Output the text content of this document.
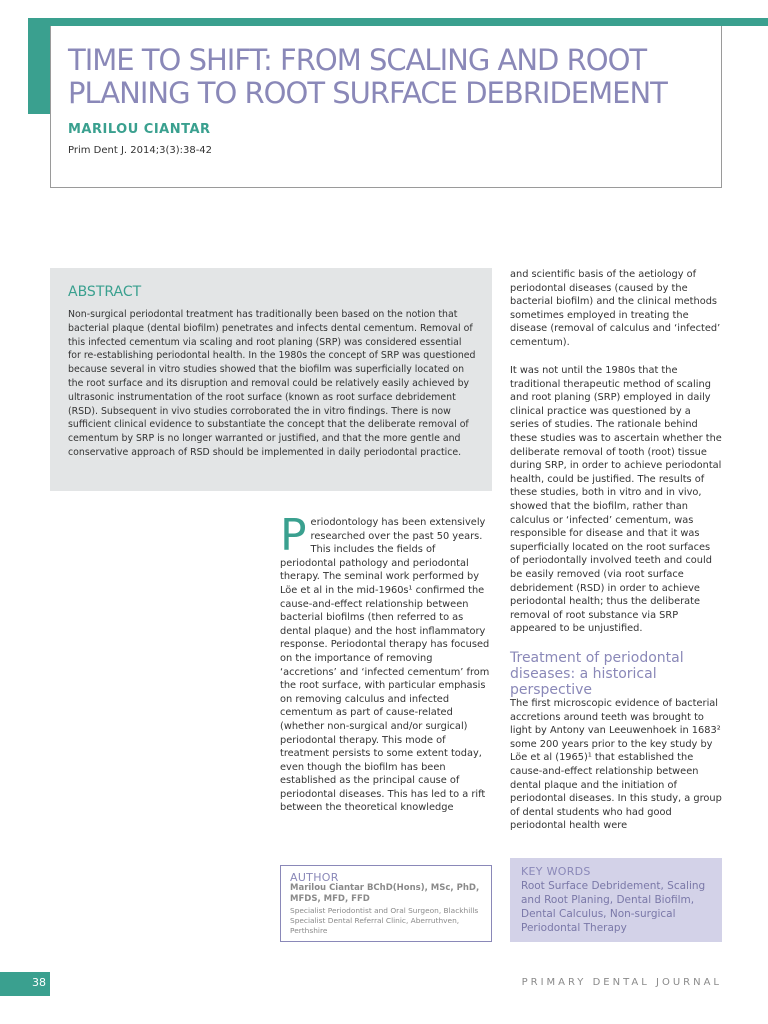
TIME TO SHIFT: FROM SCALING AND ROOT PLANING TO ROOT SURFACE DEBRIDEMENT
MARILOU CIANTAR
Prim Dent J. 2014;3(3):38-42
ABSTRACT

Non-surgical periodontal treatment has traditionally been based on the notion that bacterial plaque (dental biofilm) penetrates and infects dental cementum. Removal of this infected cementum via scaling and root planing (SRP) was considered essential for re-establishing periodontal health. In the 1980s the concept of SRP was questioned because several in vitro studies showed that the biofilm was superficially located on the root surface and its disruption and removal could be relatively easily achieved by ultrasonic instrumentation of the root surface (known as root surface debridement (RSD). Subsequent in vivo studies corroborated the in vitro findings. There is now sufficient clinical evidence to substantiate the concept that the deliberate removal of cementum by SRP is no longer warranted or justified, and that the more gentle and conservative approach of RSD should be implemented in daily periodontal practice.

Periodontology has been extensively researched over the past 50 years. This includes the fields of periodontal pathology and periodontal therapy. The seminal work performed by Löe et al in the mid-1960s¹ confirmed the cause-and-effect relationship between bacterial biofilms (then referred to as dental plaque) and the host inflammatory response. Periodontal therapy has focused on the importance of removing ‘accretions’ and ‘infected cementum’ from the root surface, with particular emphasis on removing calculus and infected cementum as part of cause-related (whether non-surgical and/or surgical) periodontal therapy. This mode of treatment persists to some extent today, even though the biofilm has been established as the principal cause of periodontal diseases. This has led to a rift between the theoretical knowledge

and scientific basis of the aetiology of periodontal diseases (caused by the bacterial biofilm) and the clinical methods sometimes employed in treating the disease (removal of calculus and ‘infected’ cementum).

It was not until the 1980s that the traditional therapeutic method of scaling and root planing (SRP) employed in daily clinical practice was questioned by a series of studies. The rationale behind these studies was to ascertain whether the deliberate removal of tooth (root) tissue during SRP, in order to achieve periodontal health, could be justified. The results of these studies, both in vitro and in vivo, showed that the biofilm, rather than calculus or ‘infected’ cementum, was responsible for disease and that it was superficially located on the root surfaces of periodontally involved teeth and could be easily removed (via root surface debridement (RSD) in order to achieve periodontal health; thus the deliberate removal of root substance via SRP appeared to be unjustified.

Treatment of periodontal diseases: a historical perspective

The first microscopic evidence of bacterial accretions around teeth was brought to light by Antony van Leeuwenhoek in 1683² some 200 years prior to the key study by Löe et al (1965)¹ that established the cause-and-effect relationship between dental plaque and the initiation of periodontal diseases. In this study, a group of dental students who had good periodontal health were

AUTHOR

Marilou Ciantar BChD(Hons), MSc, PhD, MFDS, MFD, FFD

Specialist Periodontist and Oral Surgeon, Blackhills Specialist Dental Referral Clinic, Aberruthven, Perthshire

KEY WORDS

Root Surface Debridement, Scaling and Root Planing, Dental Biofilm, Dental Calculus, Non-surgical Periodontal Therapy

38	PRIMARY DENTAL JOURNAL
